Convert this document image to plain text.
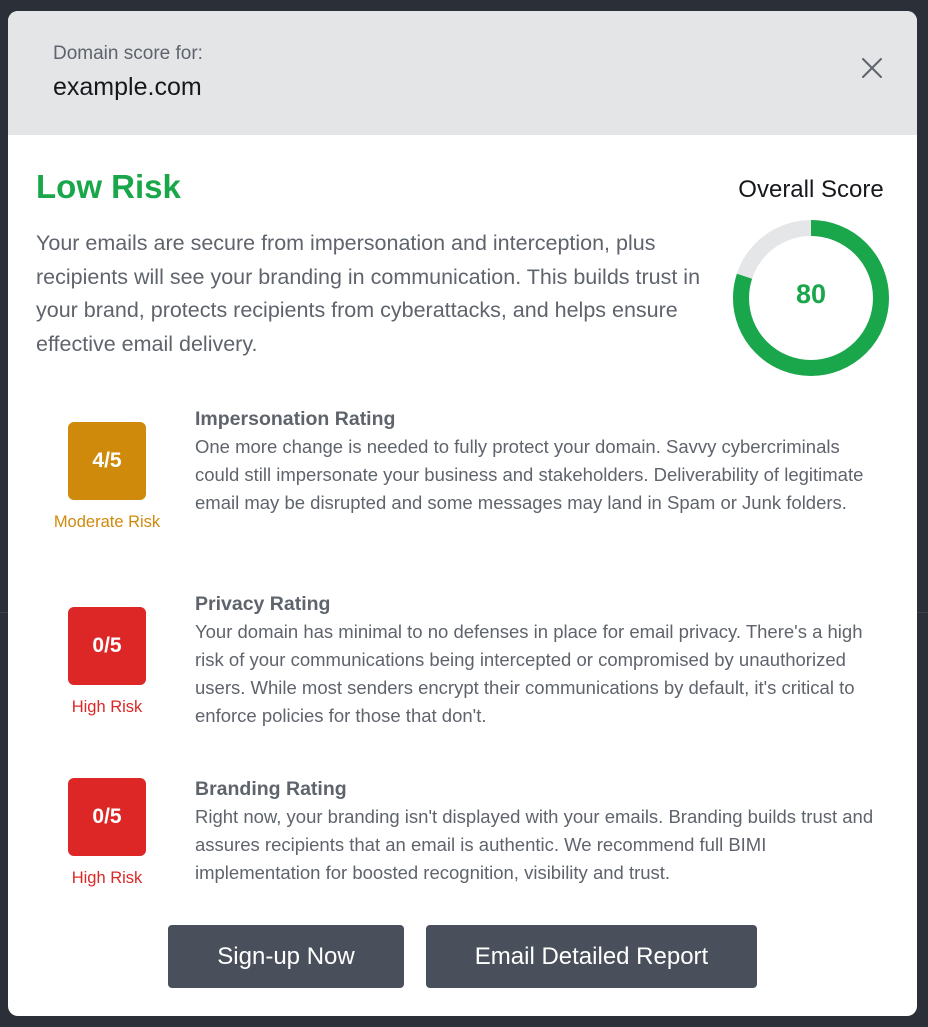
Domain score for:
example.com
Low Risk
Your emails are secure from impersonation and interception, plus recipients will see your branding in communication. This builds trust in your brand, protects recipients from cyberattacks, and helps ensure effective email delivery.
Overall Score
80
4/5
Moderate Risk
Impersonation Rating
One more change is needed to fully protect your domain. Savvy cybercriminals could still impersonate your business and stakeholders. Deliverability of legitimate email may be disrupted and some messages may land in Spam or Junk folders.
0/5
High Risk
Privacy Rating
Your domain has minimal to no defenses in place for email privacy. There's a high risk of your communications being intercepted or compromised by unauthorized users. While most senders encrypt their communications by default, it's critical to enforce policies for those that don't.
0/5
High Risk
Branding Rating
Right now, your branding isn't displayed with your emails. Branding builds trust and assures recipients that an email is authentic. We recommend full BIMI implementation for boosted recognition, visibility and trust.
Sign-up Now	Email Detailed Report
